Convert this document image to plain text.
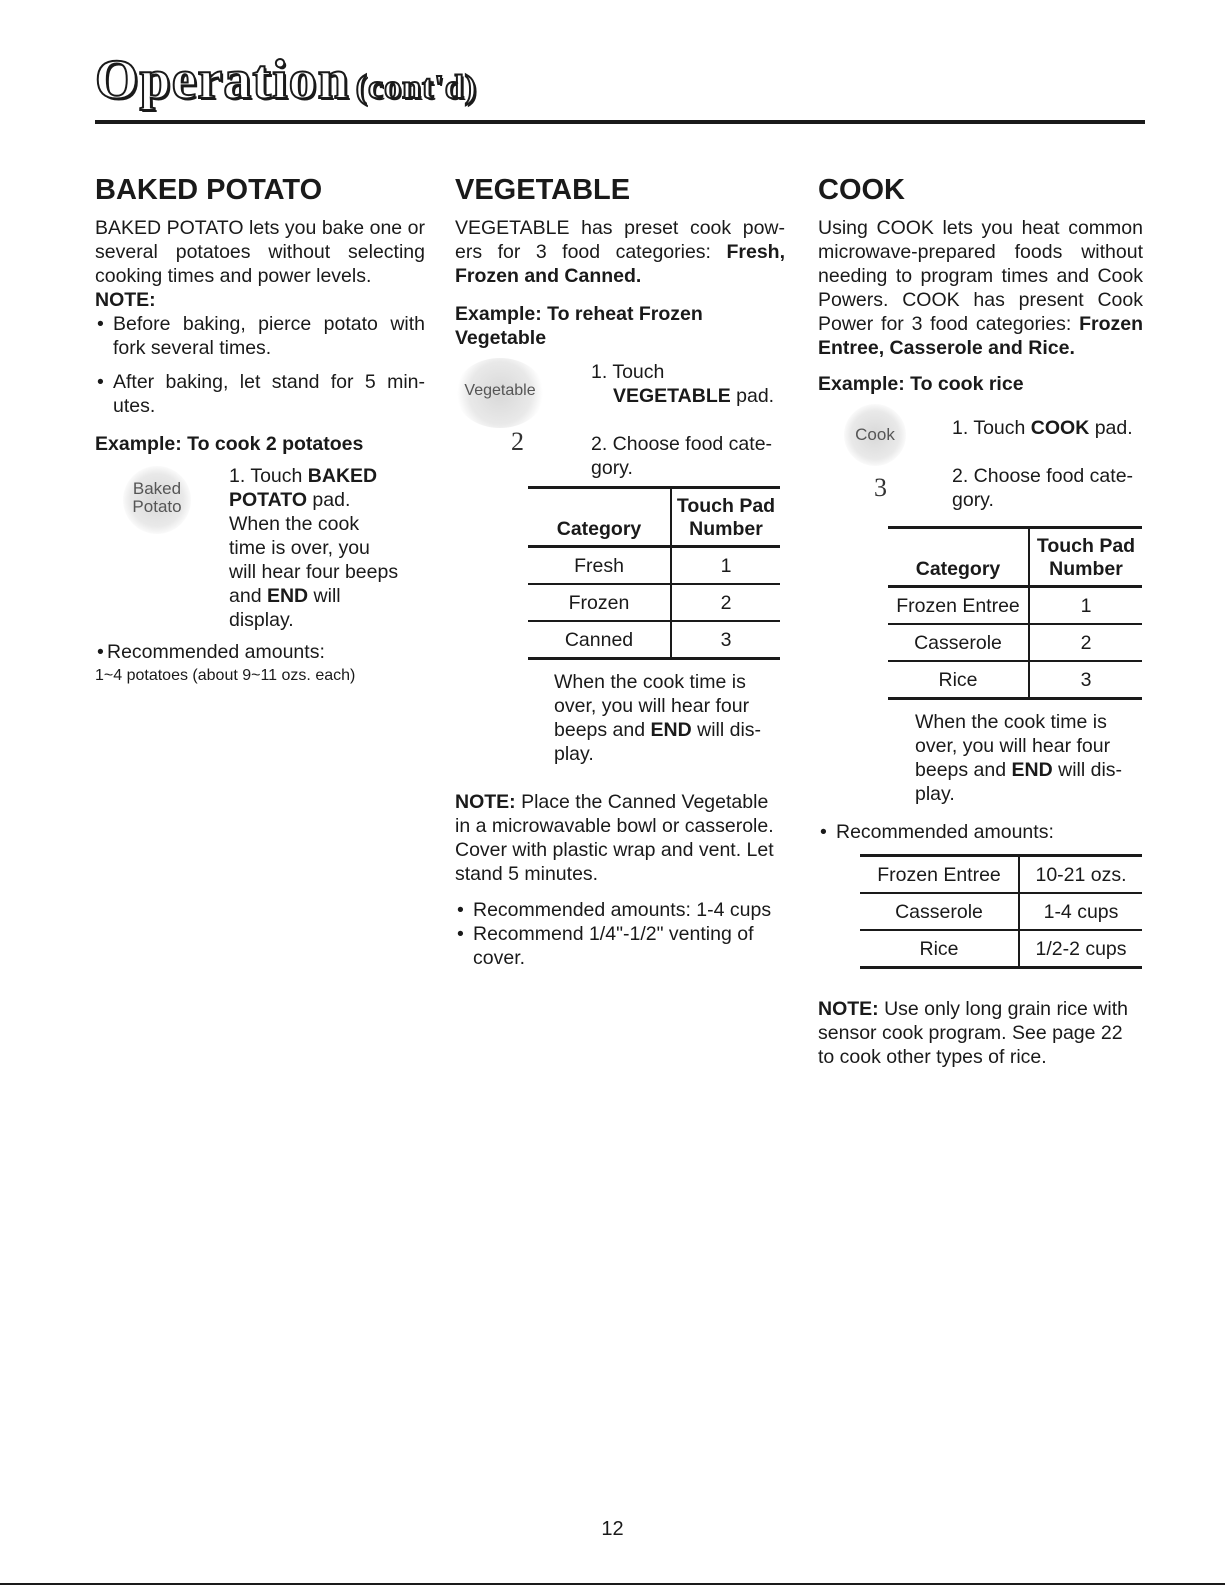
Operation (cont'd)
BAKED POTATO

BAKED POTATO lets you bake one or several potatoes without selecting cooking times and power levels.

NOTE:

• Before baking, pierce potato with fork several times.

• After baking, let stand for 5 min-utes.

Example: To cook 2 potatoes

Baked Potato
1. Touch BAKED POTATO pad. When the cook time is over, you will hear four beeps and END will display.

• Recommended amounts:

1~4 potatoes (about 9~11 ozs. each)

VEGETABLE

VEGETABLE has preset cook pow-ers for 3 food categories: Fresh, Frozen and Canned.

Example: To reheat Frozen Vegetable

Vegetable
1. Touch
VEGETABLE pad.
2	2. Choose food cate-gory.
Category	Touch Pad Number
Fresh	1
Frozen	2
Canned	3

When the cook time is over, you will hear four beeps and END will dis-play.

NOTE: Place the Canned Vegetable in a microwavable bowl or casserole. Cover with plastic wrap and vent. Let stand 5 minutes.

• Recommended amounts: 1-4 cups

• Recommend 1/4"-1/2" venting of cover.

COOK

Using COOK lets you heat common microwave-prepared foods without needing to program times and Cook Powers. COOK has present Cook Power for 3 food categories: Frozen Entree, Casserole and Rice.

Example: To cook rice

Cook	1. Touch COOK pad.
3	2. Choose food cate-gory.
Category	Touch Pad Number
Frozen Entree	1
Casserole	2
Rice	3

When the cook time is over, you will hear four beeps and END will dis-play.

• Recommended amounts:

Frozen Entree	10-21 ozs.
Casserole	1-4 cups
Rice	1/2-2 cups

NOTE: Use only long grain rice with sensor cook program. See page 22 to cook other types of rice.

12
